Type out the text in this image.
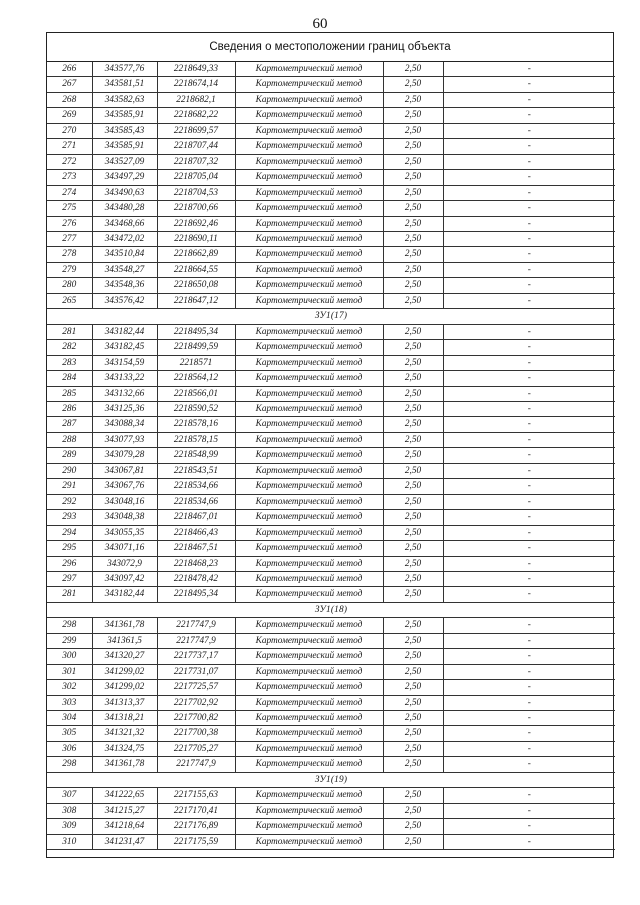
60
Сведения о местоположении границ объекта
266	343577,76	2218649,33	Картометрический метод	2,50	-
267	343581,51	2218674,14	Картометрический метод	2,50	-
268	343582,63	2218682,1	Картометрический метод	2,50	-
269	343585,91	2218682,22	Картометрический метод	2,50	-
270	343585,43	2218699,57	Картометрический метод	2,50	-
271	343585,91	2218707,44	Картометрический метод	2,50	-
272	343527,09	2218707,32	Картометрический метод	2,50	-
273	343497,29	2218705,04	Картометрический метод	2,50	-
274	343490,63	2218704,53	Картометрический метод	2,50	-
275	343480,28	2218700,66	Картометрический метод	2,50	-
276	343468,66	2218692,46	Картометрический метод	2,50	-
277	343472,02	2218690,11	Картометрический метод	2,50	-
278	343510,84	2218662,89	Картометрический метод	2,50	-
279	343548,27	2218664,55	Картометрический метод	2,50	-
280	343548,36	2218650,08	Картометрический метод	2,50	-
265	343576,42	2218647,12	Картометрический метод	2,50	-
ЗУ1(17)					
281	343182,44	2218495,34	Картометрический метод	2,50	-
282	343182,45	2218499,59	Картометрический метод	2,50	-
283	343154,59	2218571	Картометрический метод	2,50	-
284	343133,22	2218564,12	Картометрический метод	2,50	-
285	343132,66	2218566,01	Картометрический метод	2,50	-
286	343125,36	2218590,52	Картометрический метод	2,50	-
287	343088,34	2218578,16	Картометрический метод	2,50	-
288	343077,93	2218578,15	Картометрический метод	2,50	-
289	343079,28	2218548,99	Картометрический метод	2,50	-
290	343067,81	2218543,51	Картометрический метод	2,50	-
291	343067,76	2218534,66	Картометрический метод	2,50	-
292	343048,16	2218534,66	Картометрический метод	2,50	-
293	343048,38	2218467,01	Картометрический метод	2,50	-
294	343055,35	2218466,43	Картометрический метод	2,50	-
295	343071,16	2218467,51	Картометрический метод	2,50	-
296	343072,9	2218468,23	Картометрический метод	2,50	-
297	343097,42	2218478,42	Картометрический метод	2,50	-
281	343182,44	2218495,34	Картометрический метод	2,50	-
ЗУ1(18)					
298	341361,78	2217747,9	Картометрический метод	2,50	-
299	341361,5	2217747,9	Картометрический метод	2,50	-
300	341320,27	2217737,17	Картометрический метод	2,50	-
301	341299,02	2217731,07	Картометрический метод	2,50	-
302	341299,02	2217725,57	Картометрический метод	2,50	-
303	341313,37	2217702,92	Картометрический метод	2,50	-
304	341318,21	2217700,82	Картометрический метод	2,50	-
305	341321,32	2217700,38	Картометрический метод	2,50	-
306	341324,75	2217705,27	Картометрический метод	2,50	-
298	341361,78	2217747,9	Картометрический метод	2,50	-
ЗУ1(19)					
307	341222,65	2217155,63	Картометрический метод	2,50	-
308	341215,27	2217170,41	Картометрический метод	2,50	-
309	341218,64	2217176,89	Картометрический метод	2,50	-
310	341231,47	2217175,59	Картометрический метод	2,50	-
